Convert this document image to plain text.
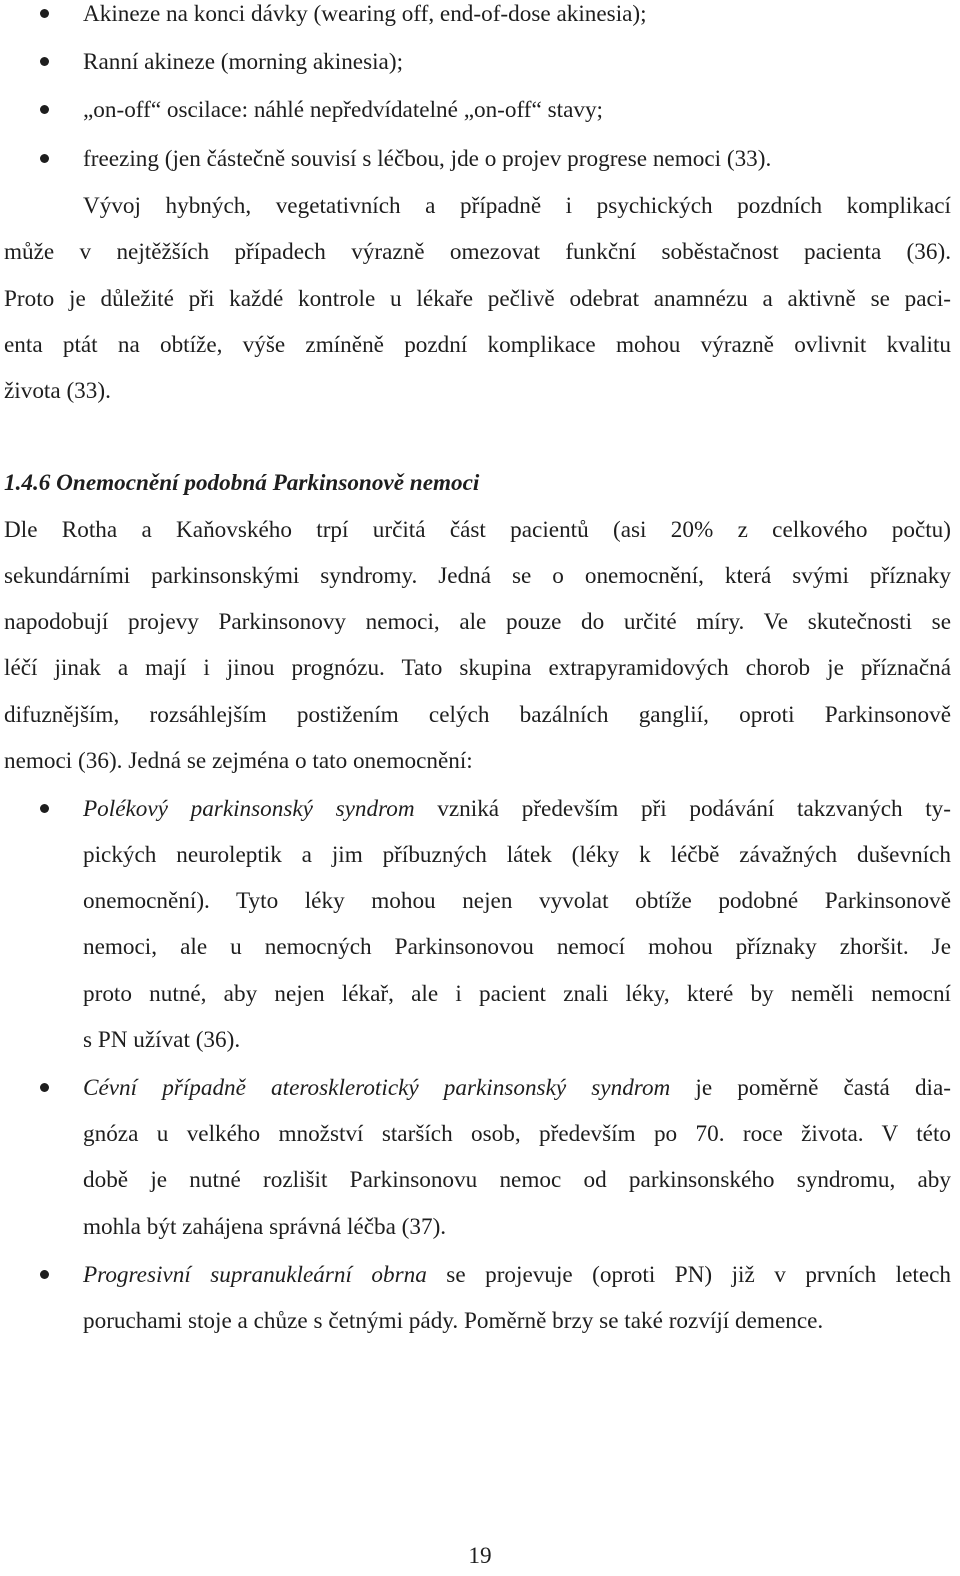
Akineze na konci dávky (wearing off, end-of-dose akinesia);
Ranní akineze (morning akinesia);
„on-off“ oscilace: náhlé nepředvídatelné „on-off“ stavy;
freezing (jen částečně souvisí s léčbou, jde o projev progrese nemoci (33).
Vývoj hybných, vegetativních a případně i psychických pozdních komplikací
může v nejtěžších případech výrazně omezovat funkční soběstačnost pacienta (36).
Proto je důležité při každé kontrole u lékaře pečlivě odebrat anamnézu a aktivně se paci-
enta ptát na obtíže, výše zmíněně pozdní komplikace mohou výrazně ovlivnit kvalitu
života (33).
1.4.6 Onemocnění podobná Parkinsonově nemoci
Dle Rotha a Kaňovského trpí určitá část pacientů (asi 20% z celkového počtu)
sekundárními parkinsonskými syndromy. Jedná se o onemocnění, která svými příznaky
napodobují projevy Parkinsonovy nemoci, ale pouze do určité míry. Ve skutečnosti se
léčí jinak a mají i jinou prognózu. Tato skupina extrapyramidových chorob je příznačná
difuznějším, rozsáhlejším postižením celých bazálních ganglií, oproti Parkinsonově
nemoci (36). Jedná se zejména o tato onemocnění:
Polékový parkinsonský syndrom vzniká především při podávání takzvaných ty-
pických neuroleptik a jim příbuzných látek (léky k léčbě závažných duševních
onemocnění). Tyto léky mohou nejen vyvolat obtíže podobné Parkinsonově
nemoci, ale u nemocných Parkinsonovou nemocí mohou příznaky zhoršit. Je
proto nutné, aby nejen lékař, ale i pacient znali léky, které by neměli nemocní
s PN užívat (36).
Cévní případně aterosklerotický parkinsonský syndrom je poměrně častá dia-
gnóza u velkého množství starších osob, především po 70. roce života. V této
době je nutné rozlišit Parkinsonovu nemoc od parkinsonského syndromu, aby
mohla být zahájena správná léčba (37).
Progresivní supranukleární obrna se projevuje (oproti PN) již v prvních letech
poruchami stoje a chůze s četnými pády. Poměrně brzy se také rozvíjí demence.
19
